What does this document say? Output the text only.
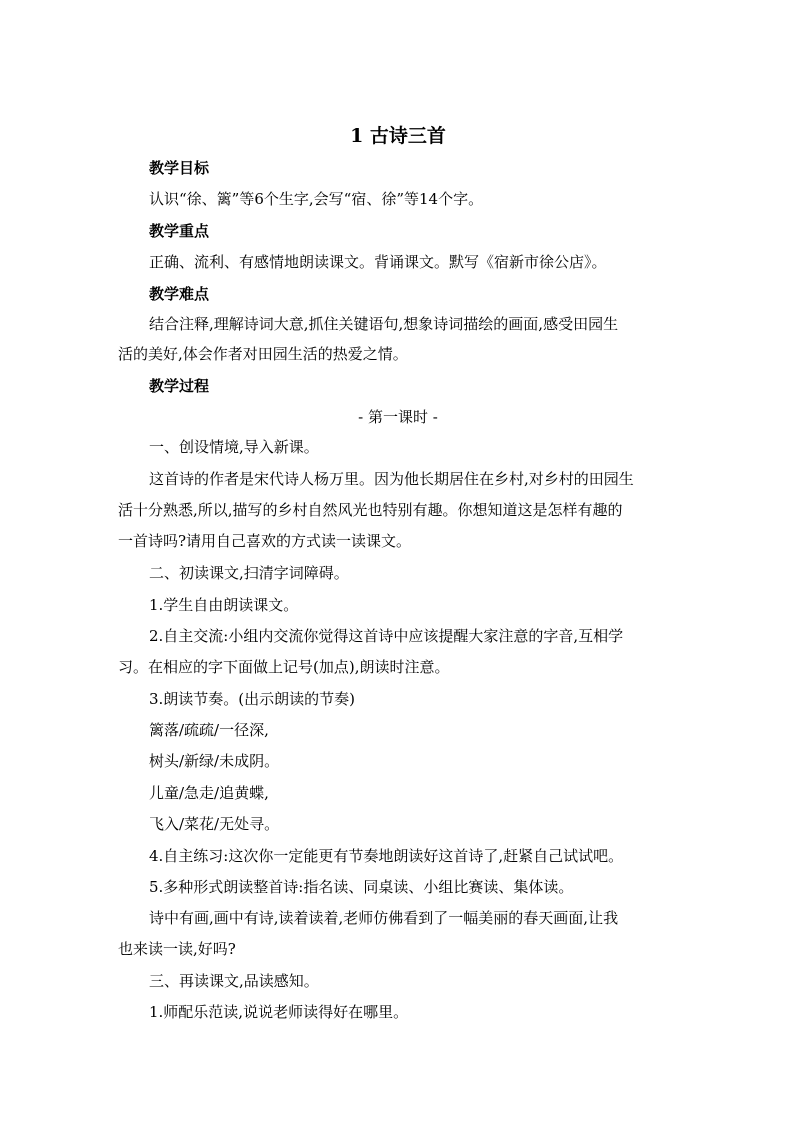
1 古诗三首
教学目标
认识“徐、篱”等6个生字,会写“宿、徐”等14个字。
教学重点
正确、流利、有感情地朗读课文。背诵课文。默写《宿新市徐公店》。
教学难点
结合注释,理解诗词大意,抓住关键语句,想象诗词描绘的画面,感受田园生
活的美好,体会作者对田园生活的热爱之情。
教学过程
- 第一课时 -
一、创设情境,导入新课。
这首诗的作者是宋代诗人杨万里。因为他长期居住在乡村,对乡村的田园生
活十分熟悉,所以,描写的乡村自然风光也特别有趣。你想知道这是怎样有趣的
一首诗吗?请用自己喜欢的方式读一读课文。
二、初读课文,扫清字词障碍。
1.学生自由朗读课文。
2.自主交流:小组内交流你觉得这首诗中应该提醒大家注意的字音,互相学
习。在相应的字下面做上记号(加点),朗读时注意。
3.朗读节奏。(出示朗读的节奏)
篱落/疏疏/一径深,
树头/新绿/未成阴。
儿童/急走/追黄蝶,
飞入/菜花/无处寻。
4.自主练习:这次你一定能更有节奏地朗读好这首诗了,赶紧自己试试吧。
5.多种形式朗读整首诗:指名读、同桌读、小组比赛读、集体读。
诗中有画,画中有诗,读着读着,老师仿佛看到了一幅美丽的春天画面,让我
也来读一读,好吗?
三、再读课文,品读感知。
1.师配乐范读,说说老师读得好在哪里。
